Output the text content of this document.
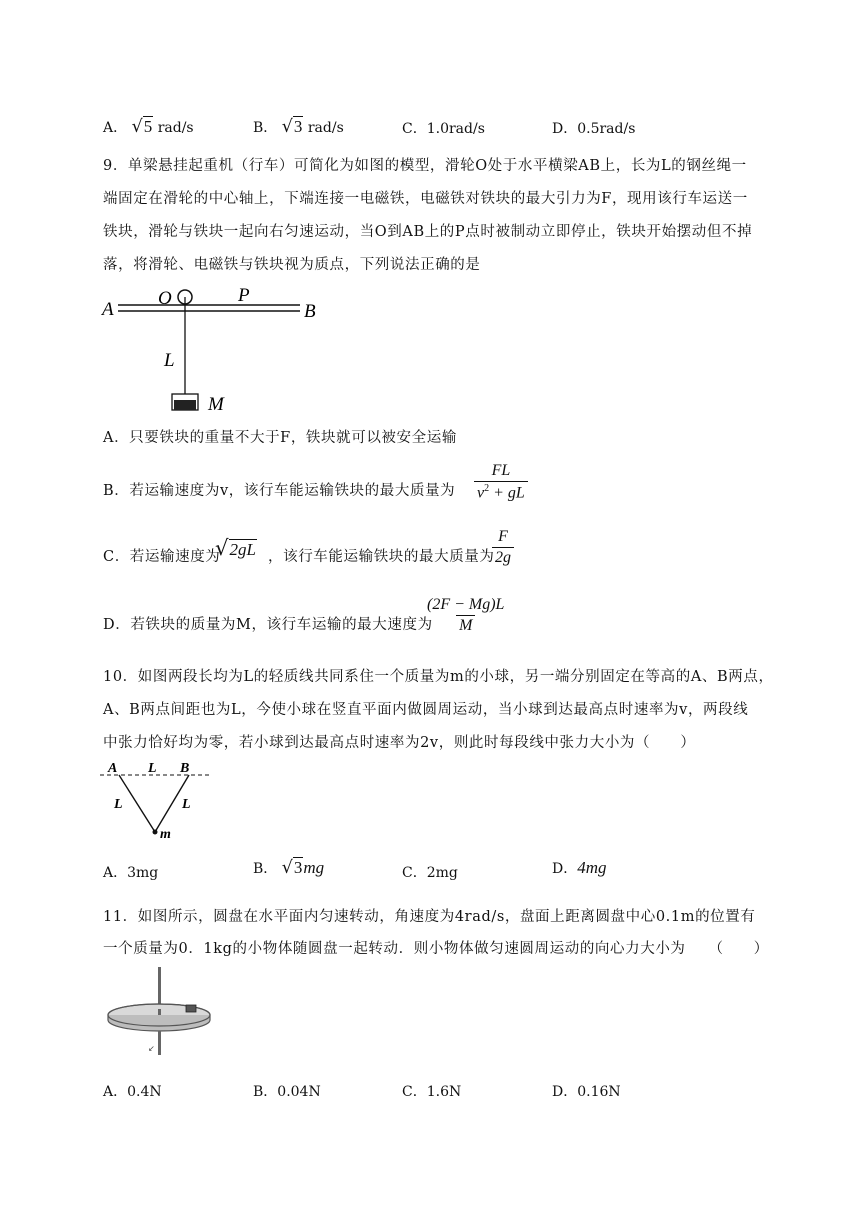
A． √ 5 rad/s	B． √ 3 rad/s	C．1.0rad/s	D．0.5rad/s
9．单梁悬挂起重机（行车）可简化为如图的模型，滑轮O处于水平横梁AB上，长为L的钢丝绳一
端固定在滑轮的中心轴上，下端连接一电磁铁，电磁铁对铁块的最大引力为F，现用该行车运送一
铁块，滑轮与铁块一起向右匀速运动，当O到AB上的P点时被制动立即停止，铁块开始摆动但不掉
落，将滑轮、电磁铁与铁块视为质点，下列说法正确的是
A
O	P
B
L
M
A．只要铁块的重量不大于F，铁块就可以被安全运输
B．若运输速度为v，该行车能运输铁块的最大质量为 $\frac{FL}{v^2 + gL}$
C．若运输速度为
√ 2gL ，该行车能运输铁块的最大质量为
$\frac{F}{2g}$
D．若铁块的质量为M，该行车运输的最大速度为
$\frac{(2F - Mg)L}{M}$
10．如图两段长均为L的轻质线共同系住一个质量为m的小球，另一端分别固定在等高的A、B两点，
A、B两点间距也为L，今使小球在竖直平面内做圆周运动，当小球到达最高点时速率为v，两段线
中张力恰好均为零，若小球到达最高点时速率为2v，则此时每段线中张力大小为（　　）
A L B
L	L
m
A．3mg	B． √ 3 mg	C．2mg	D．4mg
11．如图所示，圆盘在水平面内匀速转动，角速度为4rad/s，盘面上距离圆盘中心0.1m的位置有
一个质量为0．1kg的小物体随圆盘一起转动．则小物体做匀速圆周运动的向心力大小为　　（　　）
↙
A．0.4N	B．0.04N	C．1.6N	D．0.16N
